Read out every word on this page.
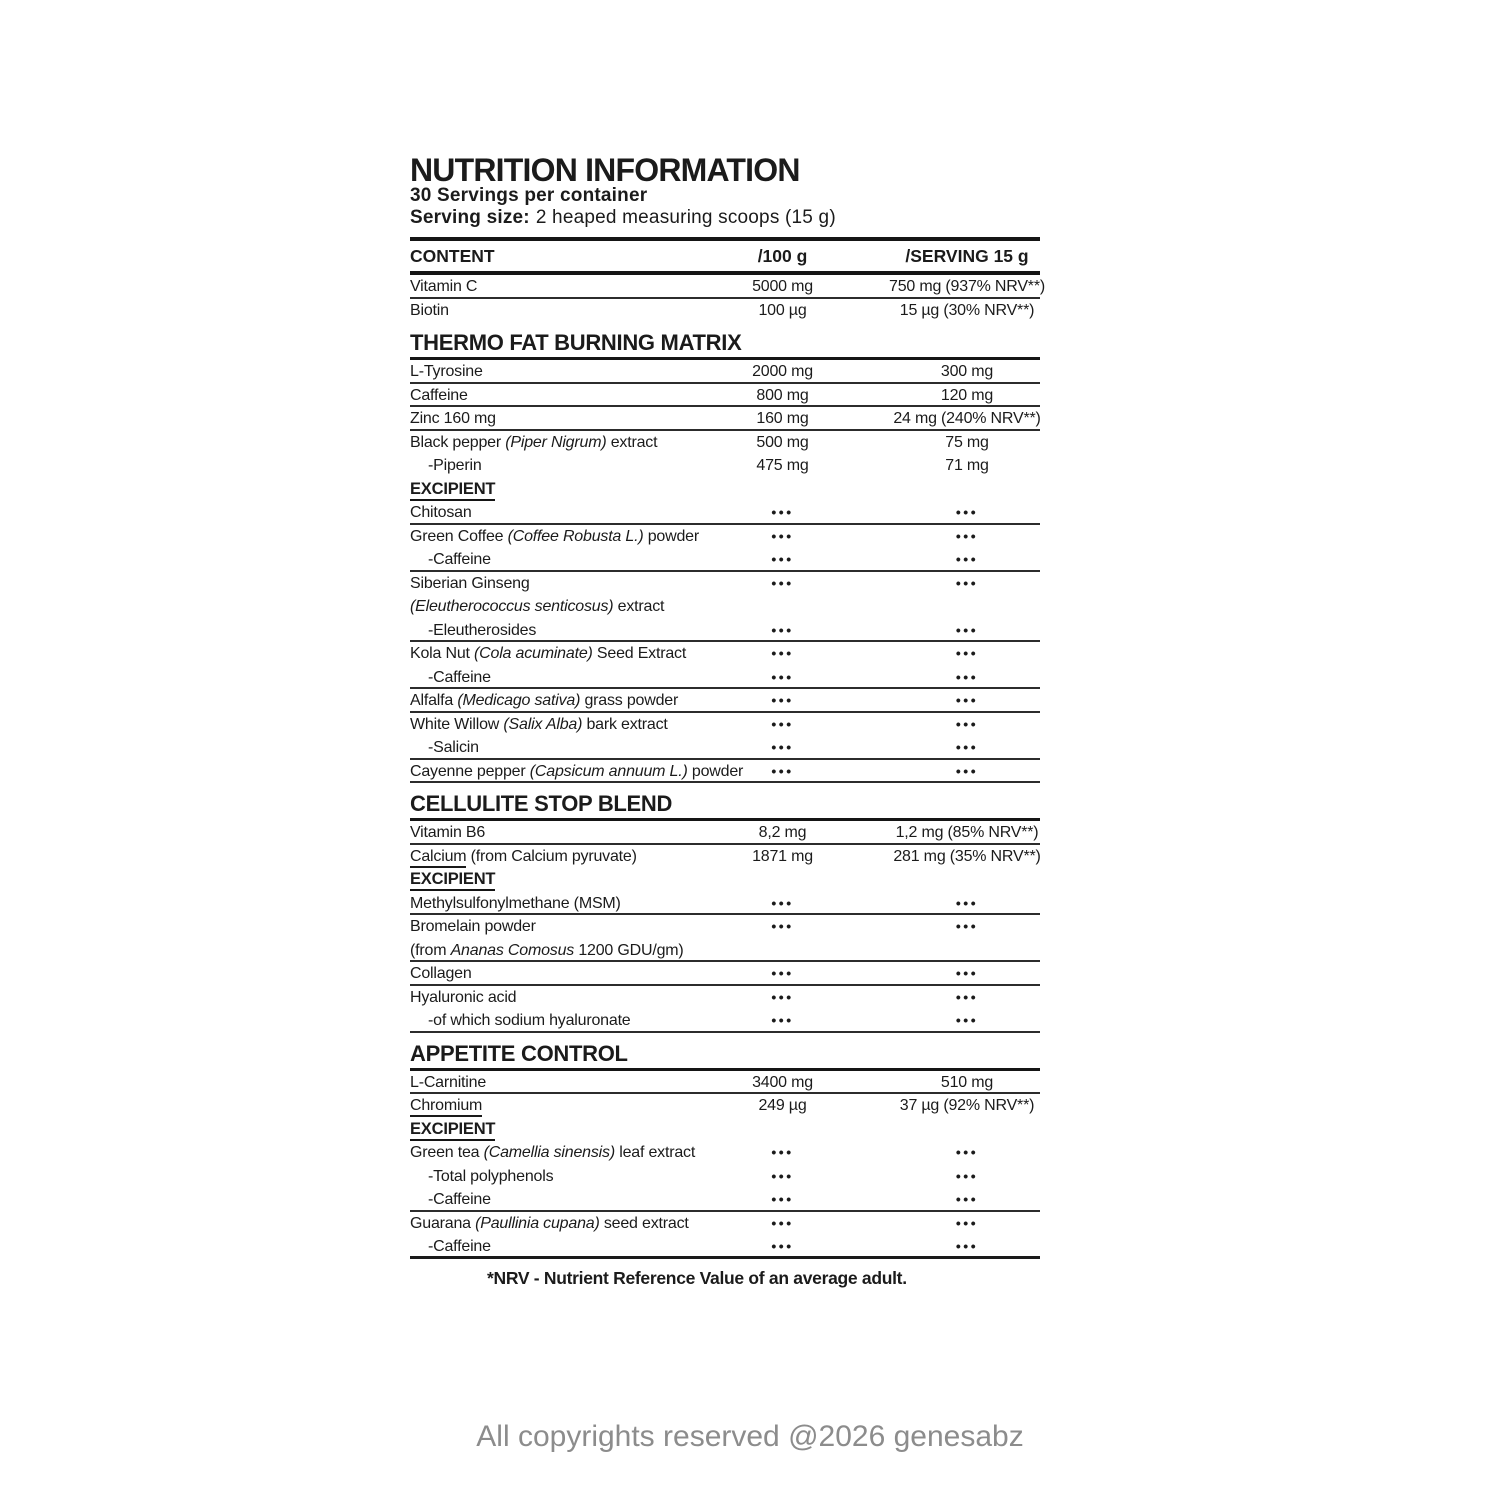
NUTRITION INFORMATION
30 Servings per container
Serving size: 2 heaped measuring scoops (15 g)
CONTENT	/100 g	/SERVING 15 g
Vitamin C	5000 mg	750 mg (937% NRV**)
Biotin	100 µg	15 µg (30% NRV**)
THERMO FAT BURNING MATRIX
L-Tyrosine	2000 mg	300 mg
Caffeine	800 mg	120 mg
Zinc 160 mg	160 mg	24 mg (240% NRV**)
Black pepper (Piper Nigrum) extract	500 mg	75 mg
-Piperin	475 mg	71 mg
EXCIPIENT
Chitosan	•••	•••
Green Coffee (Coffee Robusta L.) powder	•••	•••
-Caffeine	•••	•••
Siberian Ginseng	•••	•••
(Eleutherococcus senticosus) extract
-Eleutherosides	•••	•••
Kola Nut (Cola acuminate) Seed Extract	•••	•••
-Caffeine	•••	•••
Alfalfa (Medicago sativa) grass powder	•••	•••
White Willow (Salix Alba) bark extract	•••	•••
-Salicin	•••	•••
Cayenne pepper (Capsicum annuum L.) powder	•••	•••
CELLULITE STOP BLEND
Vitamin B6	8,2 mg	1,2 mg (85% NRV**)
Calcium (from Calcium pyruvate)	1871 mg	281 mg (35% NRV**)
EXCIPIENT
Methylsulfonylmethane (MSM)	•••	•••
Bromelain powder	•••	•••
(from Ananas Comosus 1200 GDU/gm)
Collagen	•••	•••
Hyaluronic acid	•••	•••
-of which sodium hyaluronate	•••	•••
APPETITE CONTROL
L-Carnitine	3400 mg	510 mg
Chromium	249 µg	37 µg (92% NRV**)
EXCIPIENT
Green tea (Camellia sinensis) leaf extract	•••	•••
-Total polyphenols	•••	•••
-Caffeine	•••	•••
Guarana (Paullinia cupana) seed extract	•••	•••
-Caffeine	•••	•••
*NRV - Nutrient Reference Value of an average adult.
All copyrights reserved @2026 genesabz
